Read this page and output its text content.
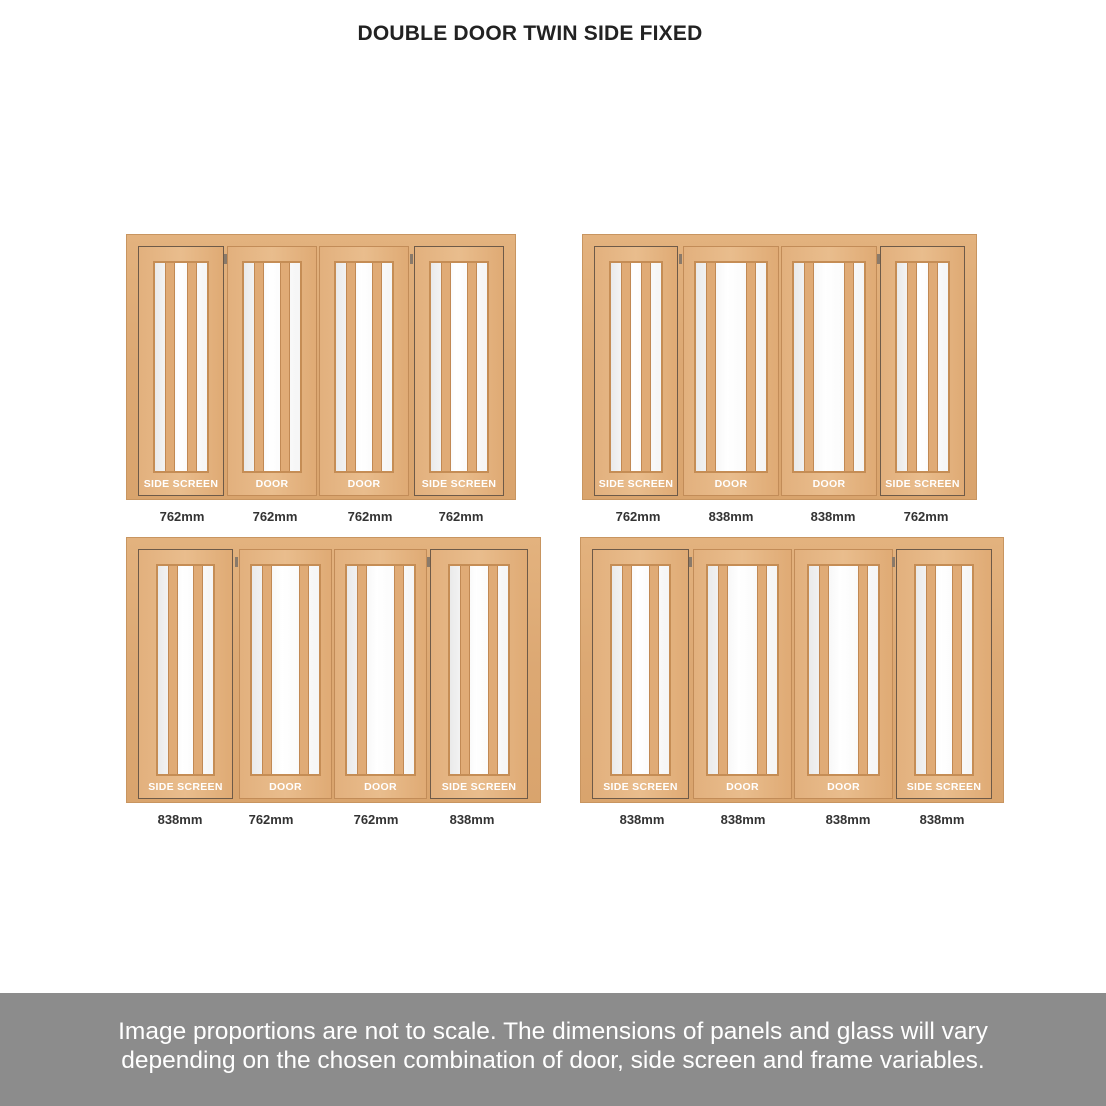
DOUBLE DOOR TWIN SIDE FIXED
SIDE SCREEN	DOOR	DOOR	SIDE SCREEN
762mm	762mm	762mm	762mm
SIDE SCREEN	DOOR	DOOR	SIDE SCREEN
762mm	838mm	838mm	762mm
SIDE SCREEN	DOOR	DOOR	SIDE SCREEN
838mm	762mm	762mm	838mm
SIDE SCREEN	DOOR	DOOR	SIDE SCREEN
838mm	838mm	838mm	838mm

Image proportions are not to scale. The dimensions of panels and glass will vary
depending on the chosen combination of door, side screen and frame variables.
